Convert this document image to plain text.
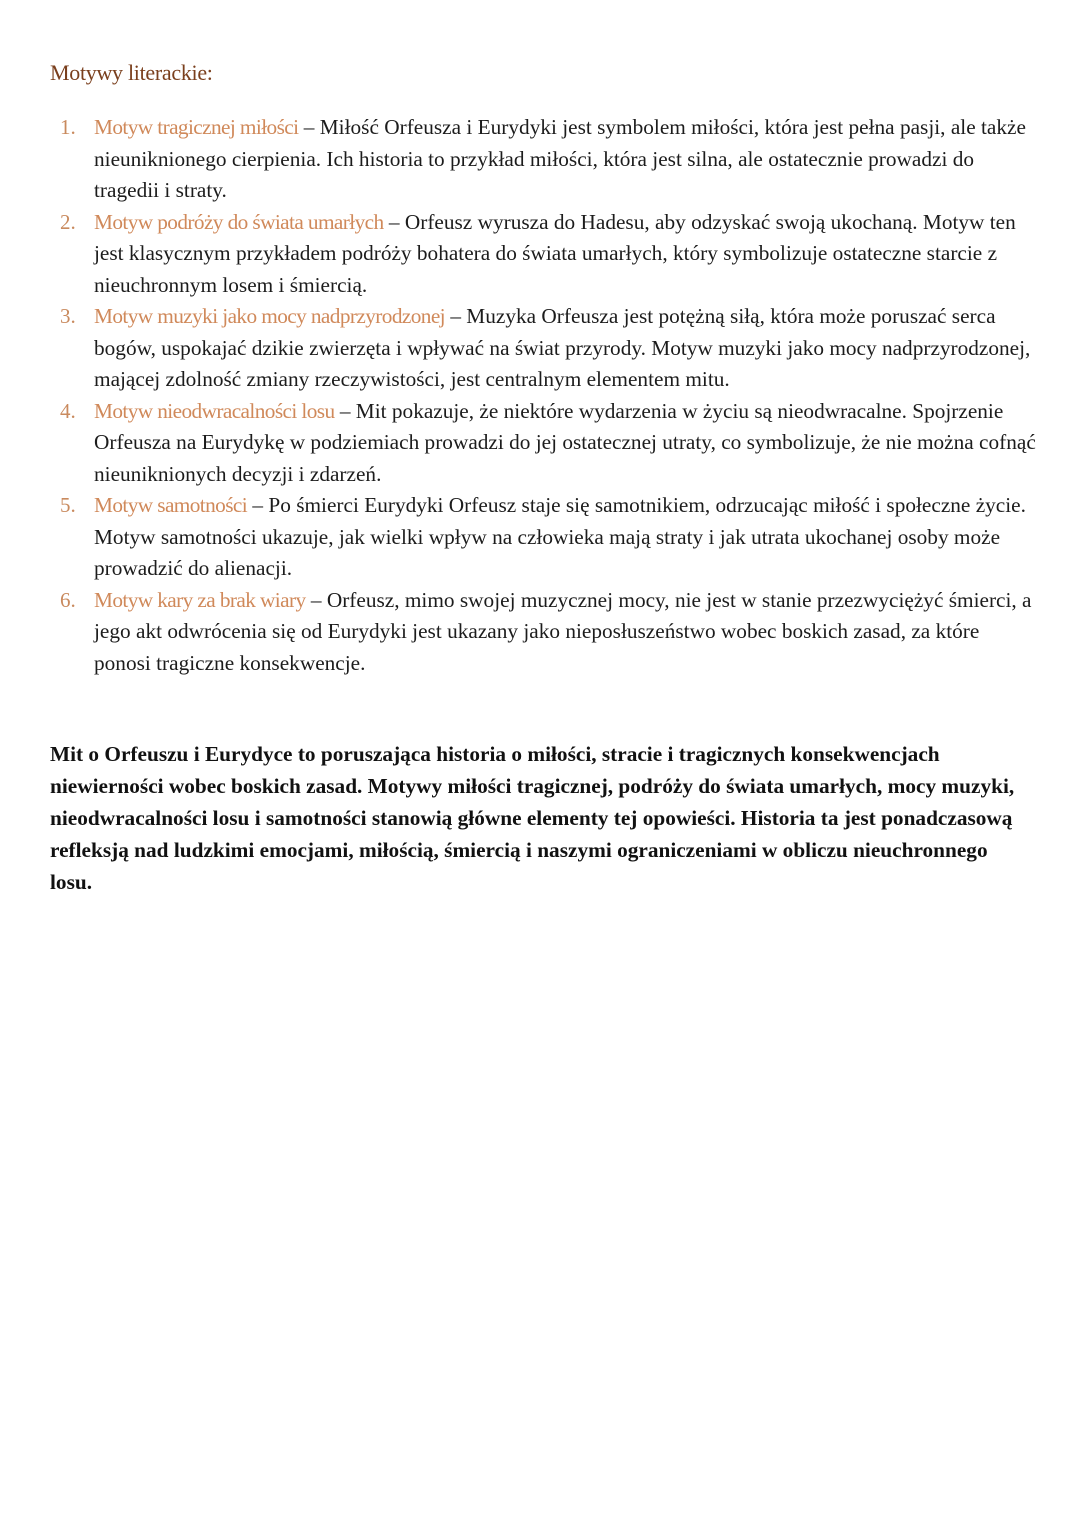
Motywy literackie:
1. Motyw tragicznej miłości – Miłość Orfeusza i Eurydyki jest symbolem miłości, która jest pełna pasji, ale także nieuniknionego cierpienia. Ich historia to przykład miłości, która jest silna, ale ostatecznie prowadzi do tragedii i straty.
2. Motyw podróży do świata umarłych – Orfeusz wyrusza do Hadesu, aby odzyskać swoją ukochaną. Motyw ten jest klasycznym przykładem podróży bohatera do świata umarłych, który symbolizuje ostateczne starcie z nieuchronnym losem i śmiercią.
3. Motyw muzyki jako mocy nadprzyrodzonej – Muzyka Orfeusza jest potężną siłą, która może poruszać serca bogów, uspokajać dzikie zwierzęta i wpływać na świat przyrody. Motyw muzyki jako mocy nadprzyrodzonej, mającej zdolność zmiany rzeczywistości, jest centralnym elementem mitu.
4. Motyw nieodwracalności losu – Mit pokazuje, że niektóre wydarzenia w życiu są nieodwracalne. Spojrzenie Orfeusza na Eurydykę w podziemiach prowadzi do jej ostatecznej utraty, co symbolizuje, że nie można cofnąć nieuniknionych decyzji i zdarzeń.
5. Motyw samotności – Po śmierci Eurydyki Orfeusz staje się samotnikiem, odrzucając miłość i społeczne życie. Motyw samotności ukazuje, jak wielki wpływ na człowieka mają straty i jak utrata ukochanej osoby może prowadzić do alienacji.
6. Motyw kary za brak wiary – Orfeusz, mimo swojej muzycznej mocy, nie jest w stanie przezwyciężyć śmierci, a jego akt odwrócenia się od Eurydyki jest ukazany jako nieposłuszeństwo wobec boskich zasad, za które ponosi tragiczne konsekwencje.

Mit o Orfeuszu i Eurydyce to poruszająca historia o miłości, stracie i tragicznych konsekwencjach niewierności wobec boskich zasad. Motywy miłości tragicznej, podróży do świata umarłych, mocy muzyki, nieodwracalności losu i samotności stanowią główne elementy tej opowieści. Historia ta jest ponadczasową refleksją nad ludzkimi emocjami, miłością, śmiercią i naszymi ograniczeniami w obliczu nieuchronnego losu.
